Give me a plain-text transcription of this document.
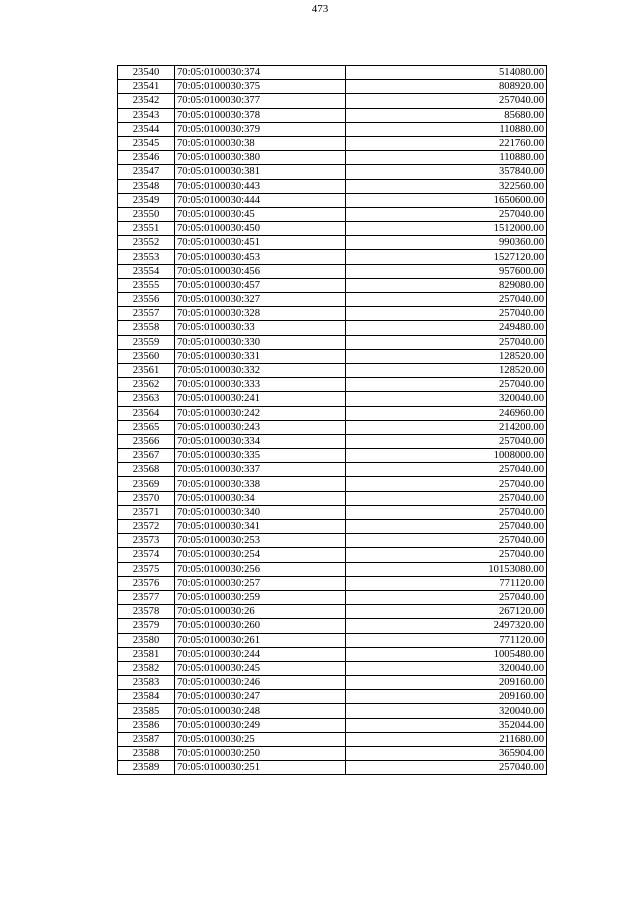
473
23540	70:05:0100030:374	514080.00
23541	70:05:0100030:375	808920.00
23542	70:05:0100030:377	257040.00
23543	70:05:0100030:378	85680.00
23544	70:05:0100030:379	110880.00
23545	70:05:0100030:38	221760.00
23546	70:05:0100030:380	110880.00
23547	70:05:0100030:381	357840.00
23548	70:05:0100030:443	322560.00
23549	70:05:0100030:444	1650600.00
23550	70:05:0100030:45	257040.00
23551	70:05:0100030:450	1512000.00
23552	70:05:0100030:451	990360.00
23553	70:05:0100030:453	1527120.00
23554	70:05:0100030:456	957600.00
23555	70:05:0100030:457	829080.00
23556	70:05:0100030:327	257040.00
23557	70:05:0100030:328	257040.00
23558	70:05:0100030:33	249480.00
23559	70:05:0100030:330	257040.00
23560	70:05:0100030:331	128520.00
23561	70:05:0100030:332	128520.00
23562	70:05:0100030:333	257040.00
23563	70:05:0100030:241	320040.00
23564	70:05:0100030:242	246960.00
23565	70:05:0100030:243	214200.00
23566	70:05:0100030:334	257040.00
23567	70:05:0100030:335	1008000.00
23568	70:05:0100030:337	257040.00
23569	70:05:0100030:338	257040.00
23570	70:05:0100030:34	257040.00
23571	70:05:0100030:340	257040.00
23572	70:05:0100030:341	257040.00
23573	70:05:0100030:253	257040.00
23574	70:05:0100030:254	257040.00
23575	70:05:0100030:256	10153080.00
23576	70:05:0100030:257	771120.00
23577	70:05:0100030:259	257040.00
23578	70:05:0100030:26	267120.00
23579	70:05:0100030:260	2497320.00
23580	70:05:0100030:261	771120.00
23581	70:05:0100030:244	1005480.00
23582	70:05:0100030:245	320040.00
23583	70:05:0100030:246	209160.00
23584	70:05:0100030:247	209160.00
23585	70:05:0100030:248	320040.00
23586	70:05:0100030:249	352044.00
23587	70:05:0100030:25	211680.00
23588	70:05:0100030:250	365904.00
23589	70:05:0100030:251	257040.00
